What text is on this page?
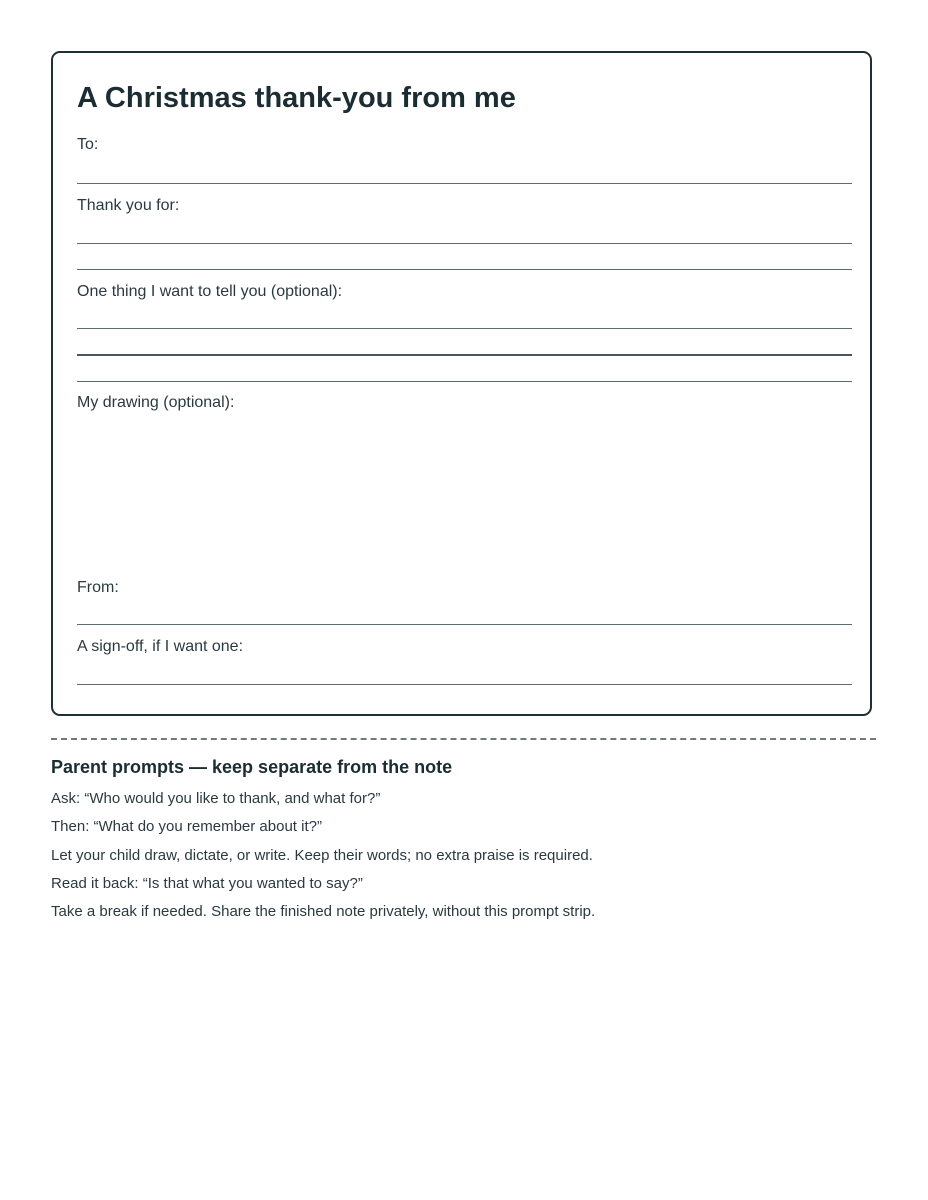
A Christmas thank-you from me
To:
Thank you for:
One thing I want to tell you (optional):
My drawing (optional):
From:
A sign-off, if I want one:
Parent prompts — keep separate from the note
Ask: “Who would you like to thank, and what for?”
Then: “What do you remember about it?”
Let your child draw, dictate, or write. Keep their words; no extra praise is required.
Read it back: “Is that what you wanted to say?”
Take a break if needed. Share the finished note privately, without this prompt strip.
